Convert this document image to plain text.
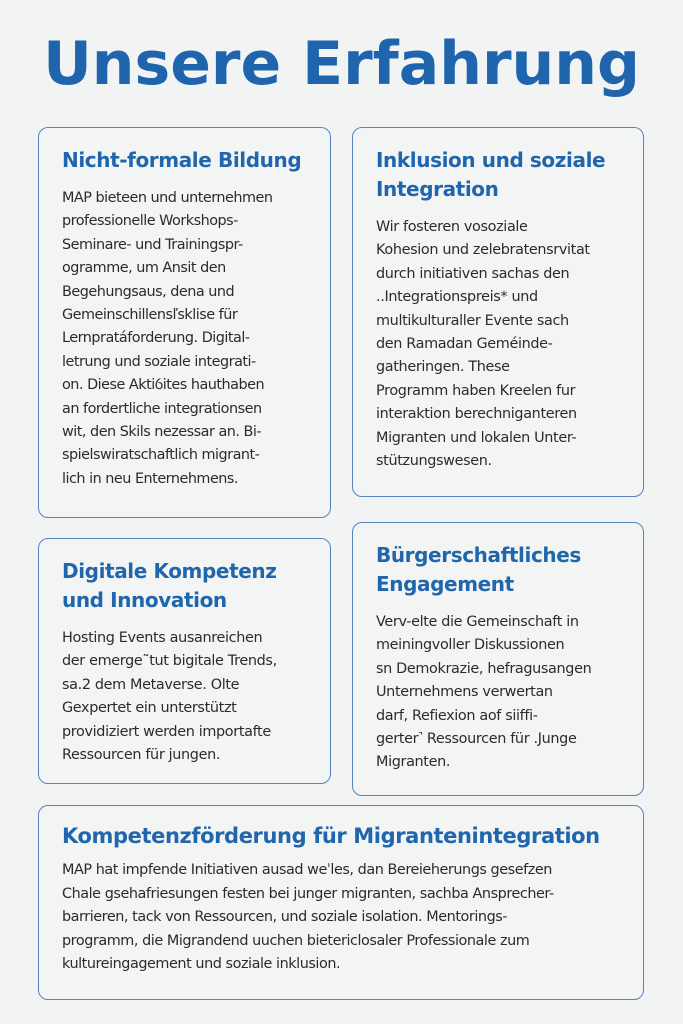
Unsere Erfahrung
Nicht-formale Bildung

MAP bieteen und unternehmen
professionelle Workshops-
Seminare- und Trainingspr-
ogramme, um Ansit den
Begehungsaus, dena und
Gemeinschillensľsklise für
Lernpratáforderung. Digital-
letrung und soziale integrati-
on. Diese Aktiỽites hauthaben
an fordertliche integrationsen
wit, den Skils nezessar an. Bi-
spielswiratschaftlich migrant-
lich in neu Enternehmens.

Inklusion und soziale
Integration

Wir fosteren vosoziale
Kohesion und zelebratensrvitat
durch initiativen sachas den
..Integrationspreis* und
multikulturaller Evente sach
den Ramadan Geméinde-
gatheringen. These
Programm haben Kreelen fur
interaktion berechniganteren
Migranten und lokalen Unter-
stützungswesen.

Digitale Kompetenz
und Innovation

Hosting Events ausanreichen
der emerge˜tut bigitale Trends,
sa.2 dem Metaverse. Olte
Gexpertet ein unterstützt
providiziert werden importafte
Ressourcen für jungen.

Bürgerschaftliches
Engagement

Verv-elte die Gemeinschaft in
meiningvoller Diskussionen
sn Demokrazie, hefragusangen
Unternehmens verwertan
darf, Refiexion aof siiffi-
gerter˺ Ressourcen für .Junge
Migranten.

Kompetenzförderung für Migrantenintegration

MAP hat impfende Initiativen ausad weˈles, dan Bereieherungs gesefzen
Chale gsehafriesungen festen bei junger migranten, sachba Ansprecher-
barrieren, tack von Ressourcen, und soziale isolation. Mentorings-
programm, die Migrandend uuchen bietericlosaler Professionale zum
kultureingagement und soziale inklusion.
